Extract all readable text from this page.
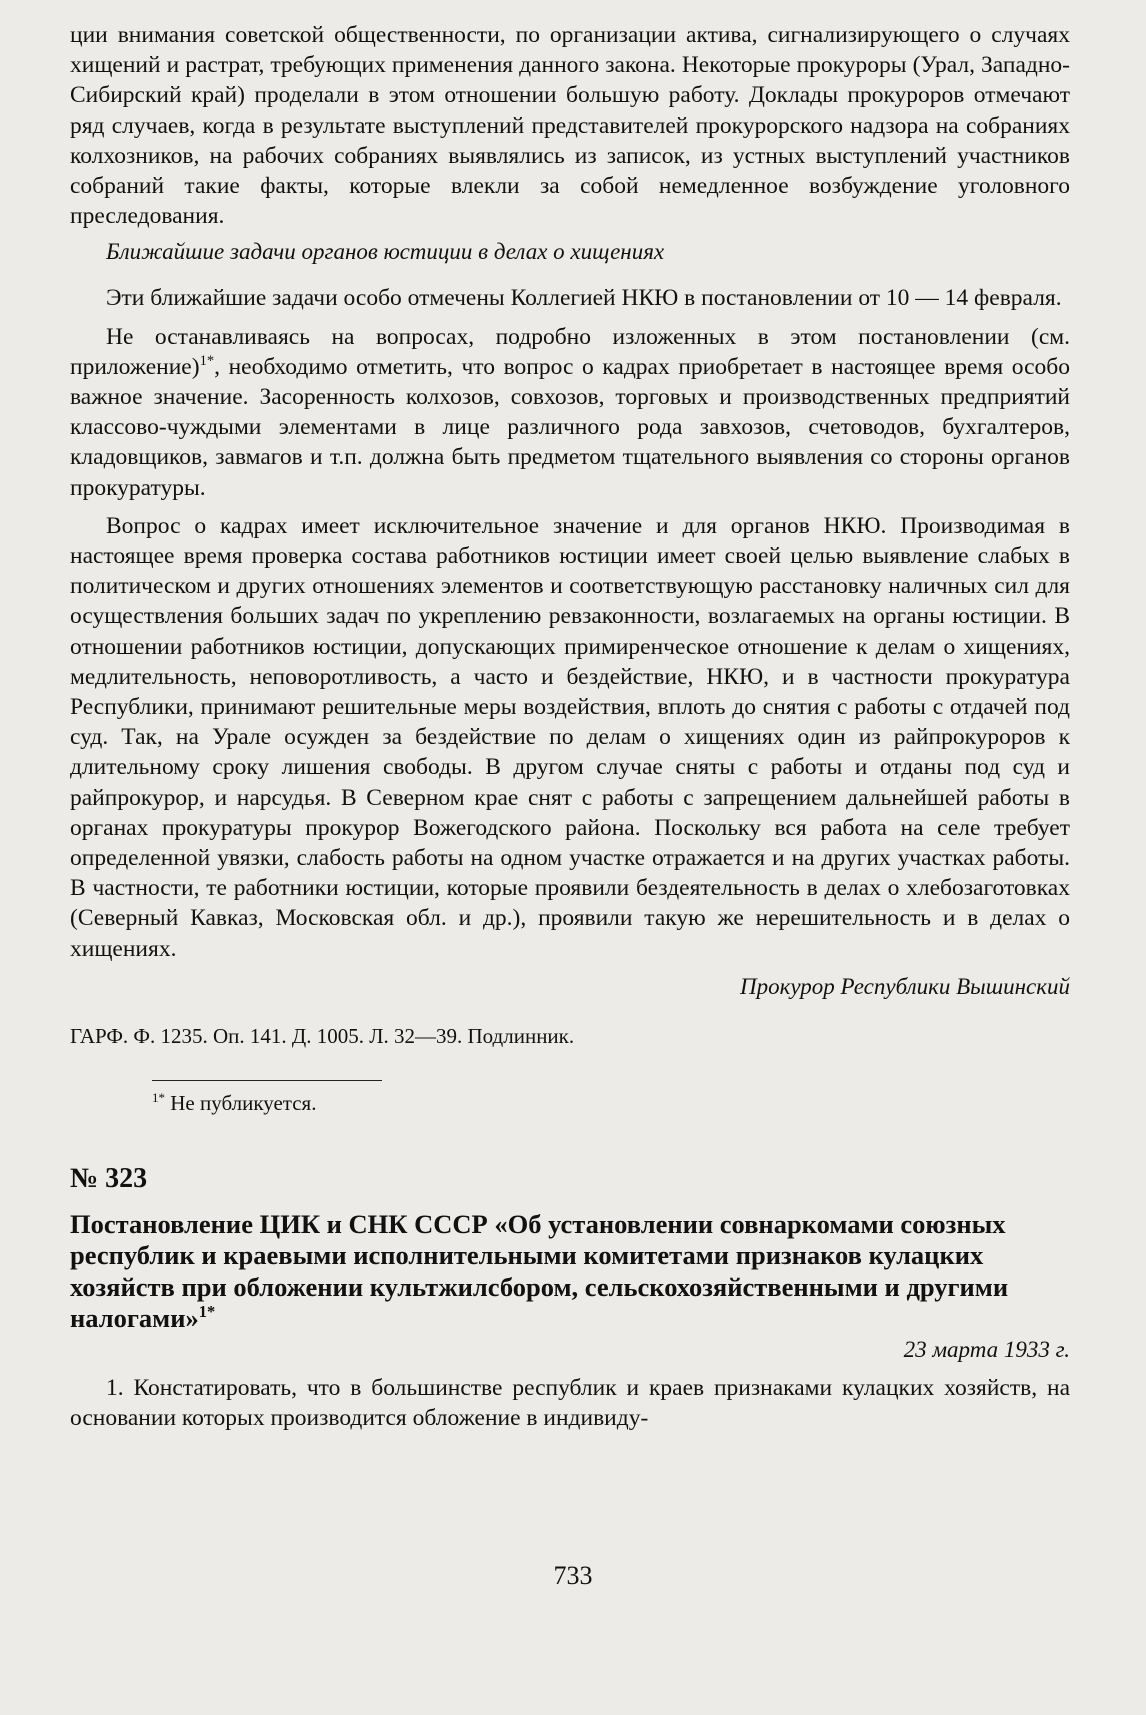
ции внимания советской общественности, по организации актива, сигнализирующего о случаях хищений и растрат, требующих применения данного закона. Некоторые прокуроры (Урал, Западно-Сибирский край) проделали в этом отношении большую работу. Доклады прокуроров отмечают ряд случаев, когда в результате выступлений представителей прокурорского надзора на собраниях колхозников, на рабочих собраниях выявлялись из записок, из устных выступлений участников собраний такие факты, которые влекли за собой немедленное возбуждение уголовного преследования.

Ближайшие задачи органов юстиции в делах о хищениях

Эти ближайшие задачи особо отмечены Коллегией НКЮ в постановлении от 10 — 14 февраля.

Не останавливаясь на вопросах, подробно изложенных в этом постановлении (см. приложение)$^{1*}$, необходимо отметить, что вопрос о кадрах приобретает в настоящее время особо важное значение. Засоренность колхозов, совхозов, торговых и производственных предприятий классово-чуждыми элементами в лице различного рода завхозов, счетоводов, бухгалтеров, кладовщиков, завмагов и т.п. должна быть предметом тщательного выявления со стороны органов прокуратуры.

Вопрос о кадрах имеет исключительное значение и для органов НКЮ. Производимая в настоящее время проверка состава работников юстиции имеет своей целью выявление слабых в политическом и других отношениях элементов и соответствующую расстановку наличных сил для осуществления больших задач по укреплению ревзаконности, возлагаемых на органы юстиции. В отношении работников юстиции, допускающих примиренческое отношение к делам о хищениях, медлительность, неповоротливость, а часто и бездействие, НКЮ, и в частности прокуратура Республики, принимают решительные меры воздействия, вплоть до снятия с работы с отдачей под суд. Так, на Урале осужден за бездействие по делам о хищениях один из райпрокуроров к длительному сроку лишения свободы. В другом случае сняты с работы и отданы под суд и райпрокурор, и нарсудья. В Северном крае снят с работы с запрещением дальнейшей работы в органах прокуратуры прокурор Вожегодского района. Поскольку вся работа на селе требует определенной увязки, слабость работы на одном участке отражается и на других участках работы. В частности, те работники юстиции, которые проявили бездеятельность в делах о хлебозаготовках (Северный Кавказ, Московская обл. и др.), проявили такую же нерешительность и в делах о хищениях.

Прокурор Республики Вышинский

ГАРФ. Ф. 1235. Оп. 141. Д. 1005. Л. 32—39. Подлинник.

$^{1*}$ Не публикуется.

№ 323

Постановление ЦИК и СНК СССР «Об установлении совнаркомами союзных республик и краевыми исполнительными комитетами признаков кулацких хозяйств при обложении культжилсбором, сельскохозяйственными и другими налогами»$^{1*}$

23 марта 1933 г.

1. Констатировать, что в большинстве республик и краев признаками кулацких хозяйств, на основании которых производится обложение в индивиду-

733
